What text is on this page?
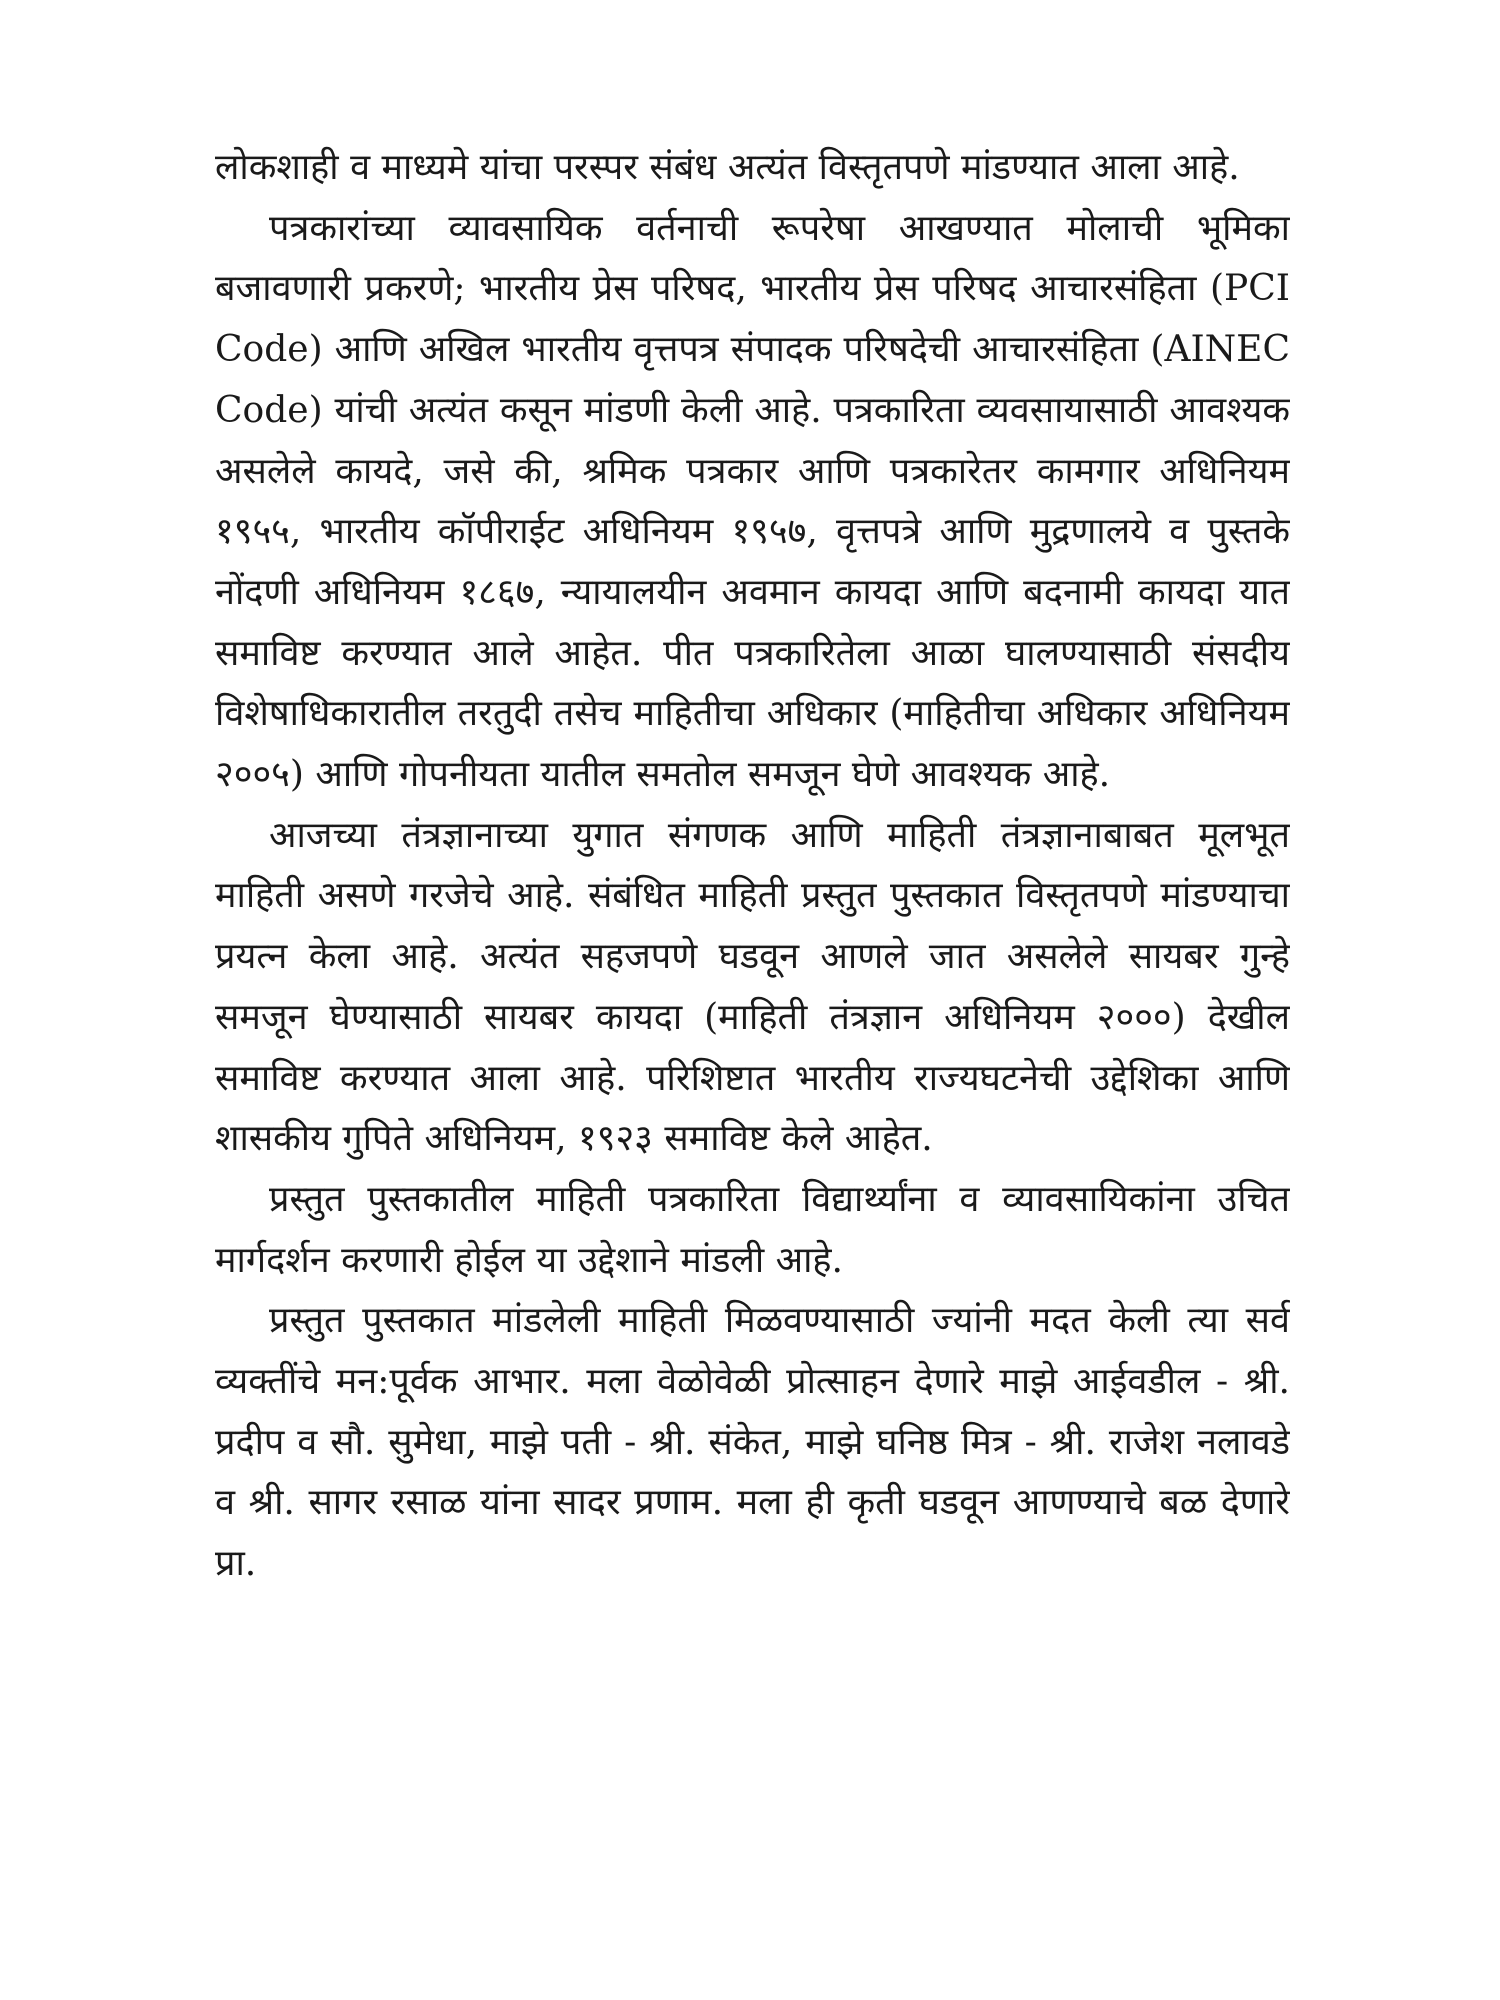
लोकशाही व माध्यमे यांचा परस्पर संबंध अत्यंत विस्तृतपणे मांडण्यात आला आहे.

पत्रकारांच्या व्यावसायिक वर्तनाची रूपरेषा आखण्यात मोलाची भूमिका बजावणारी प्रकरणे; भारतीय प्रेस परिषद, भारतीय प्रेस परिषद आचारसंहिता (PCI Code) आणि अखिल भारतीय वृत्तपत्र संपादक परिषदेची आचारसंहिता (AINEC Code) यांची अत्यंत कसून मांडणी केली आहे. पत्रकारिता व्यवसायासाठी आवश्यक असलेले कायदे, जसे की, श्रमिक पत्रकार आणि पत्रकारेतर कामगार अधिनियम १९५५, भारतीय कॉपीराईट अधिनियम १९५७, वृत्तपत्रे आणि मुद्रणालये व पुस्तके नोंदणी अधिनियम १८६७, न्यायालयीन अवमान कायदा आणि बदनामी कायदा यात समाविष्ट करण्यात आले आहेत. पीत पत्रकारितेला आळा घालण्यासाठी संसदीय विशेषाधिकारातील तरतुदी तसेच माहितीचा अधिकार (माहितीचा अधिकार अधिनियम २००५) आणि गोपनीयता यातील समतोल समजून घेणे आवश्यक आहे.

आजच्या तंत्रज्ञानाच्या युगात संगणक आणि माहिती तंत्रज्ञानाबाबत मूलभूत माहिती असणे गरजेचे आहे. संबंधित माहिती प्रस्तुत पुस्तकात विस्तृतपणे मांडण्याचा प्रयत्न केला आहे. अत्यंत सहजपणे घडवून आणले जात असलेले सायबर गुन्हे समजून घेण्यासाठी सायबर कायदा (माहिती तंत्रज्ञान अधिनियम २०००) देखील समाविष्ट करण्यात आला आहे. परिशिष्टात भारतीय राज्यघटनेची उद्देशिका आणि शासकीय गुपिते अधिनियम, १९२३ समाविष्ट केले आहेत.

प्रस्तुत पुस्तकातील माहिती पत्रकारिता विद्यार्थ्यांना व व्यावसायिकांना उचित मार्गदर्शन करणारी होईल या उद्देशाने मांडली आहे.

प्रस्तुत पुस्तकात मांडलेली माहिती मिळवण्यासाठी ज्यांनी मदत केली त्या सर्व व्यक्तींचे मन:पूर्वक आभार. मला वेळोवेळी प्रोत्साहन देणारे माझे आईवडील - श्री. प्रदीप व सौ. सुमेधा, माझे पती - श्री. संकेत, माझे घनिष्ठ मित्र - श्री. राजेश नलावडे व श्री. सागर रसाळ यांना सादर प्रणाम. मला ही कृती घडवून आणण्याचे बळ देणारे प्रा.
